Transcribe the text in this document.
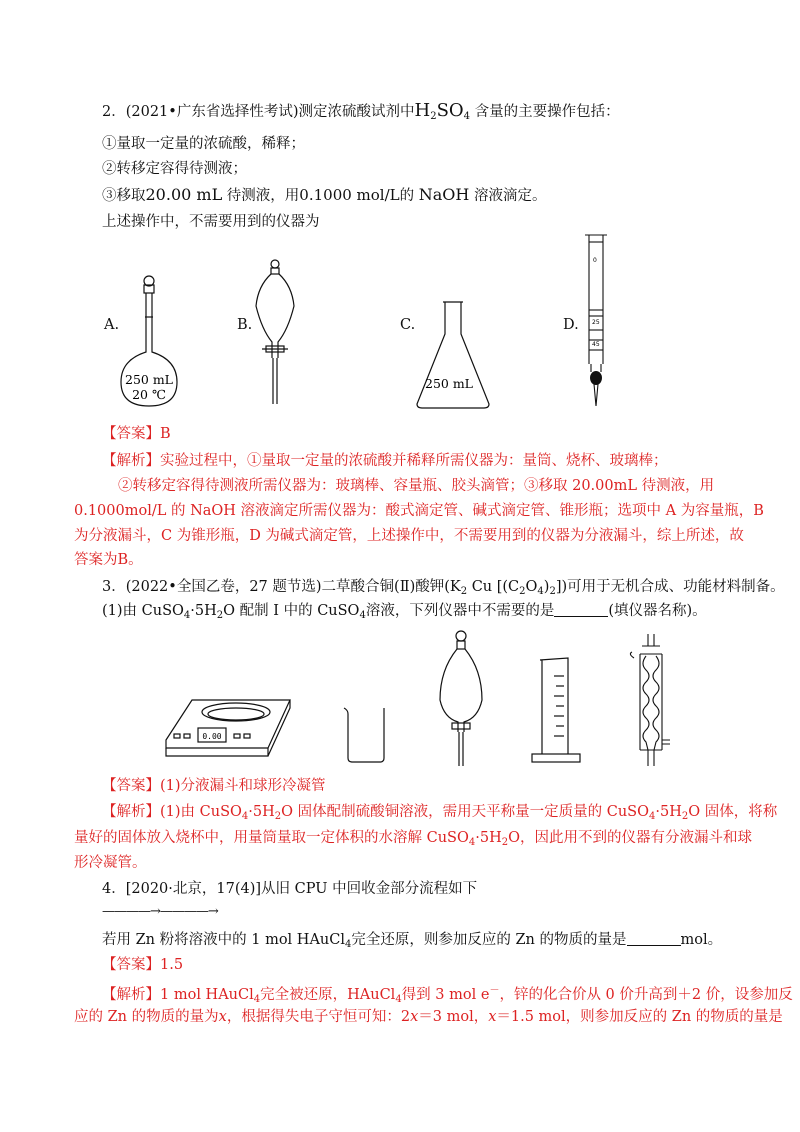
2．(2021•广东省选择性考试)测定浓硫酸试剂中$H_2SO_4$ 含量的主要操作包括：
①量取一定量的浓硫酸，稀释；
②转移定容得待测液；
③移取20.00 mL 待测液，用0.1000 mol/L的 NaOH 溶液滴定。
上述操作中，不需要用到的仪器为
A.	B.	C.	D.
250 mL
20 ℃
250 mL
0
25
45
【答案】B
【解析】实验过程中，①量取一定量的浓硫酸并稀释所需仪器为：量筒、烧杯、玻璃棒；
②转移定容得待测液所需仪器为：玻璃棒、容量瓶、胶头滴管；③移取 20.00mL 待测液，用
0.1000mol/L 的 NaOH 溶液滴定所需仪器为：酸式滴定管、碱式滴定管、锥形瓶；选项中 A 为容量瓶，B
为分液漏斗，C 为锥形瓶，D 为碱式滴定管，上述操作中，不需要用到的仪器为分液漏斗，综上所述，故
答案为B。
3．(2022•全国乙卷，27 题节选)二草酸合铜(Ⅱ)酸钾($K_2$ Cu $[(C_2O_4)_2]$)可用于无机合成、功能材料制备。
(1)由 $CuSO_4\cdot 5H_2O$ 配制 Ⅰ 中的 CuSO$_4$溶液，下列仪器中不需要的是	(填仪器名称)。
0.00
【答案】(1)分液漏斗和球形冷凝管
【解析】(1)由 $CuSO_4\cdot 5H_2O$ 固体配制硫酸铜溶液，需用天平称量一定质量的 $CuSO_4\cdot 5H_2O$ 固体，将称
量好的固体放入烧杯中，用量筒量取一定体积的水溶解 $CuSO_4\cdot 5H_2O$，因此用不到的仪器有分液漏斗和球
形冷凝管。
4．[2020·北京，17(4)]从旧 CPU 中回收金部分流程如下
————→————→
若用 Zn 粉将溶液中的 1 mol HAuCl$_4$完全还原，则参加反应的 Zn 的物质的量是	mol。
【答案】1.5
【解析】1 mol HAuCl$_4$完全被还原，HAuCl$_4$得到 3 mol e－，锌的化合价从 0 价升高到＋2 价，设参加反
应的 Zn 的物质的量为x，根据得失电子守恒可知：2x＝3 mol，x＝1.5 mol，则参加反应的 Zn 的物质的量是
